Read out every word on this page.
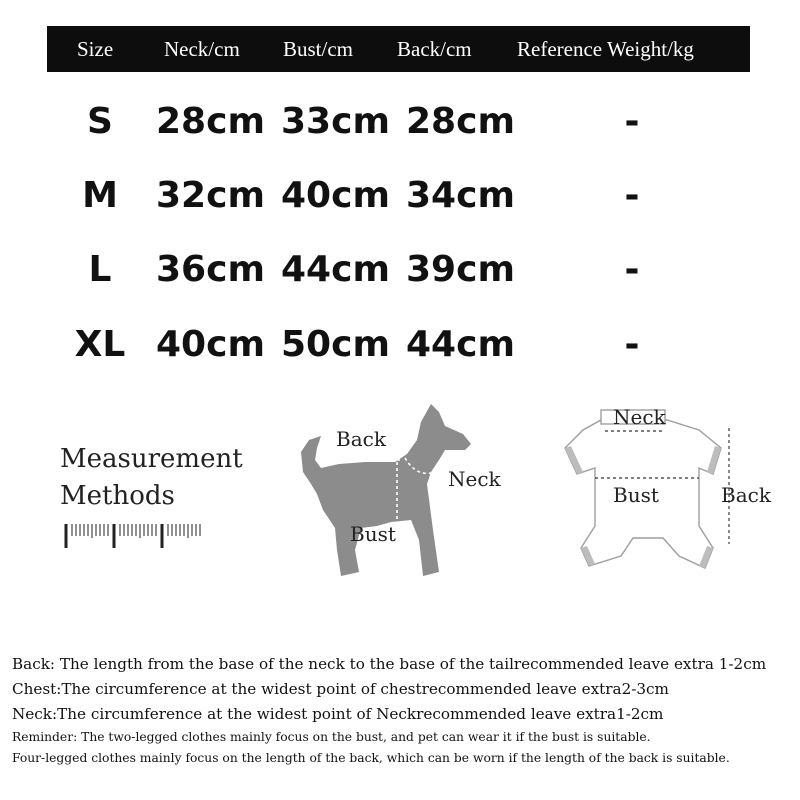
Size Neck/cm Bust/cm Back/cm Reference Weight/kg
S	28cm 33cm 28cm	-
M	32cm 40cm 34cm	-
L	36cm 44cm 39cm	-
XL 40cm 50cm 44cm	-
Measurement
Methods
Back
Neck
Bust
Neck
Bust	Back
Back: The length from the base of the neck to the base of the tailrecommended leave extra 1-2cm
Chest:The circumference at the widest point of chestrecommended leave extra2-3cm
Neck:The circumference at the widest point of Neckrecommended leave extra1-2cm
Reminder: The two-legged clothes mainly focus on the bust, and pet can wear it if the bust is suitable.
Four-legged clothes mainly focus on the length of the back, which can be worn if the length of the back is suitable.
